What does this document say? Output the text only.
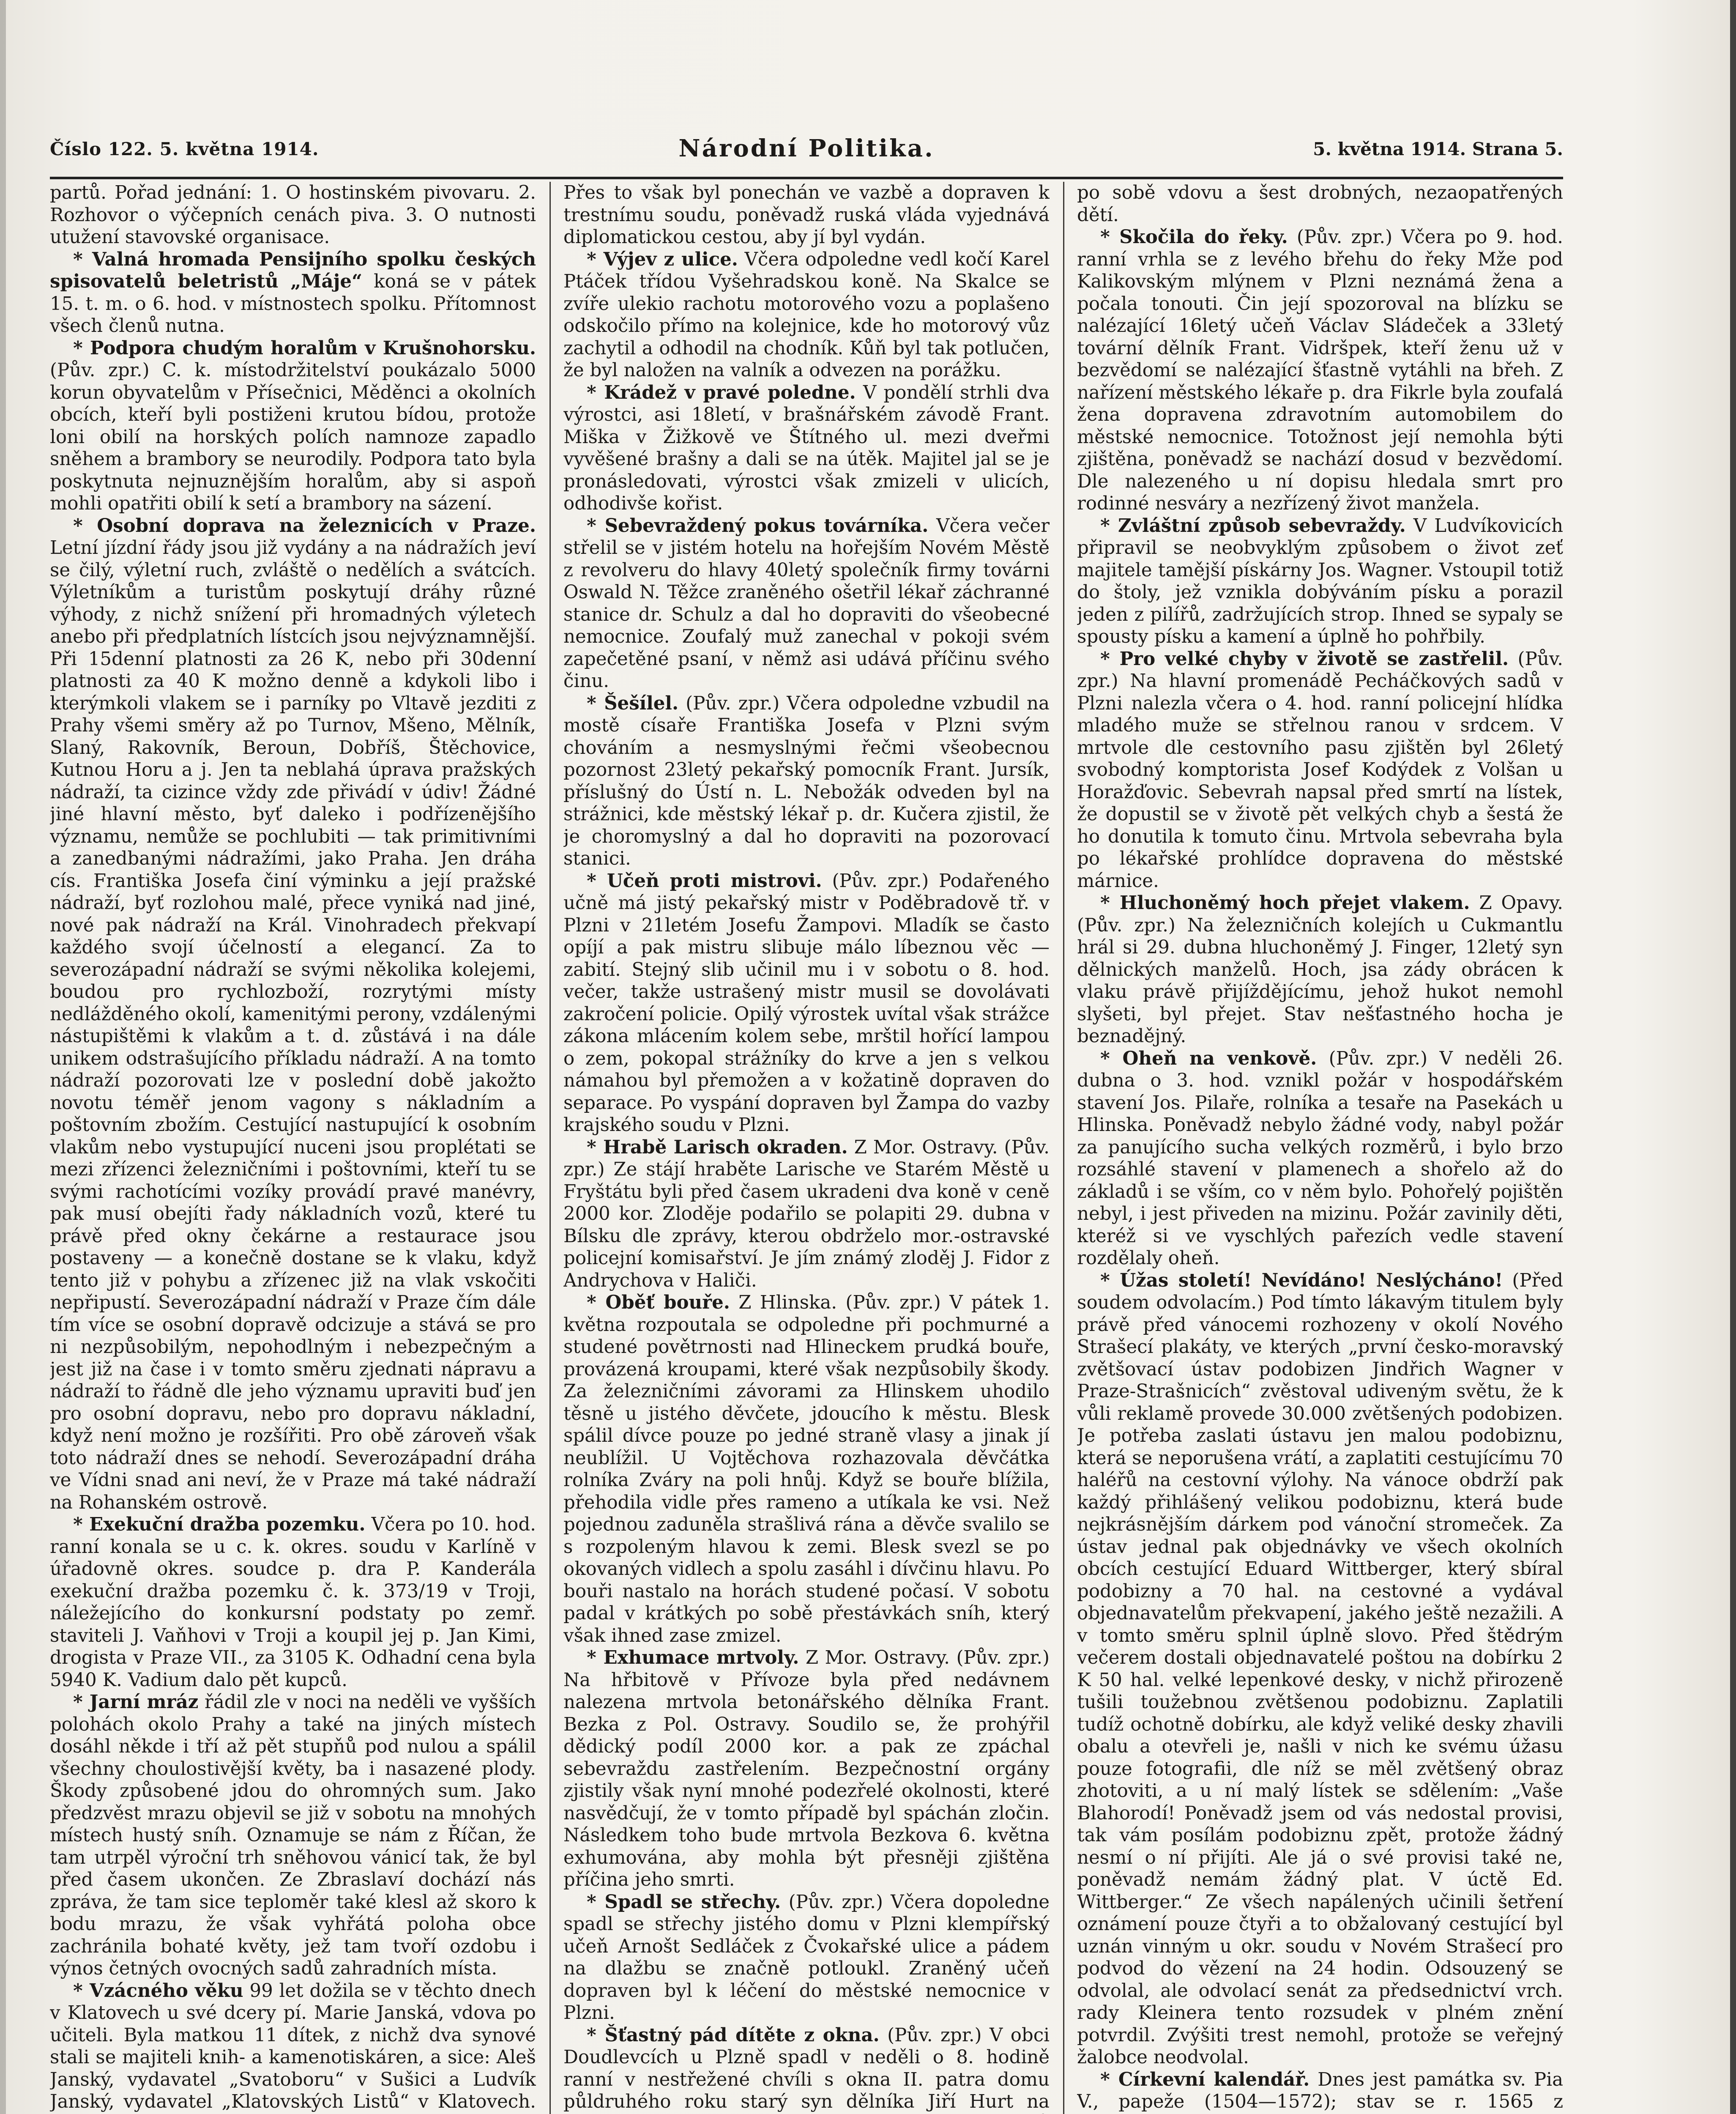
Číslo 122. 5. května 1914.	Národní Politika.	5. května 1914. Strana 5.

partů. Pořad jednání: 1. O hostinském pivovaru. 2. Rozhovor o výčepních cenách piva. 3. O nutnosti utužení stavovské organisace.

* Valná hromada Pensijního spolku českých spisovatelů beletristů „Máje“ koná se v pátek 15. t. m. o 6. hod. v místnostech spolku. Přítomnost všech členů nutna.

* Podpora chudým horalům v Krušnohorsku. (Pův. zpr.) C. k. místodržitelství poukázalo 5000 korun obyvatelům v Přísečnici, Měděnci a okolních obcích, kteří byli postiženi krutou bídou, protože loni obilí na horských polích namnoze zapadlo sněhem a brambory se neurodily. Podpora tato byla poskytnuta nejnuznějším horalům, aby si aspoň mohli opatřiti obilí k setí a brambory na sázení.

* Osobní doprava na železnicích v Praze. Letní jízdní řády jsou již vydány a na nádražích jeví se čilý, výletní ruch, zvláště o nedělích a svátcích. Výletníkům a turistům poskytují dráhy různé výhody, z nichž snížení při hromadných výletech anebo při předplatních lístcích jsou nejvýznamnější. Při 15denní platnosti za 26 K, nebo při 30denní platnosti za 40 K možno denně a kdykoli libo i kterýmkoli vlakem se i parníky po Vltavě jezditi z Prahy všemi směry až po Turnov, Mšeno, Mělník, Slaný, Rakovník, Beroun, Dobříš, Štěchovice, Kutnou Horu a j. Jen ta neblahá úprava pražských nádraží, ta cizince vždy zde přivádí v údiv! Žádné jiné hlavní město, byť daleko i podřízenějšího významu, nemůže se pochlubiti — tak primitivními a zanedbanými nádražími, jako Praha. Jen dráha cís. Františka Josefa činí výminku a její pražské nádraží, byť rozlohou malé, přece vyniká nad jiné, nové pak nádraží na Král. Vinohradech překvapí každého svojí účelností a elegancí. Za to severozápadní nádraží se svými několika kolejemi, boudou pro rychlozboží, rozrytými místy nedlážděného okolí, kamenitými perony, vzdálenými nástupištěmi k vlakům a t. d. zůstává i na dále unikem odstrašujícího příkladu nádraží. A na tomto nádraží pozorovati lze v poslední době jakožto novotu téměř jenom vagony s nákladním a poštovním zbožím. Cestující nastupující k osobním vlakům nebo vystupující nuceni jsou proplétati se mezi zřízenci železničními i poštovními, kteří tu se svými rachotícími vozíky provádí pravé manévry, pak musí obejíti řady nákladních vozů, které tu právě před okny čekárne a restaurace jsou postaveny — a konečně dostane se k vlaku, když tento již v pohybu a zřízenec již na vlak vskočiti nepřipustí. Severozápadní nádraží v Praze čím dále tím více se osobní dopravě odcizuje a stává se pro ni nezpůsobilým, nepohodlným i nebezpečným a jest již na čase i v tomto směru zjednati nápravu a nádraží to řádně dle jeho významu upraviti buď jen pro osobní dopravu, nebo pro dopravu nákladní, když není možno je rozšířiti. Pro obě zároveň však toto nádraží dnes se nehodí. Severozápadní dráha ve Vídni snad ani neví, že v Praze má také nádraží na Rohanském ostrově.

* Exekuční dražba pozemku. Včera po 10. hod. ranní konala se u c. k. okres. soudu v Karlíně v úřadovně okres. soudce p. dra P. Kanderála exekuční dražba pozemku č. k. 373/19 v Troji, náležejícího do konkursní podstaty po zemř. staviteli J. Vaňhovi v Troji a koupil jej p. Jan Kimi, drogista v Praze VII., za 3105 K. Odhadní cena byla 5940 K. Vadium dalo pět kupců.

* Jarní mráz řádil zle v noci na neděli ve vyšších polohách okolo Prahy a také na jiných místech dosáhl někde i tří až pět stupňů pod nulou a spálil všechny choulostivější květy, ba i nasazené plody. Škody způsobené jdou do ohromných sum. Jako předzvěst mrazu objevil se již v sobotu na mnohých místech hustý sníh. Oznamuje se nám z Říčan, že tam utrpěl výroční trh sněhovou vánicí tak, že byl před časem ukončen. Ze Zbraslaví dochází nás zpráva, že tam sice teploměr také klesl až skoro k bodu mrazu, že však vyhřátá poloha obce zachránila bohaté květy, jež tam tvoří ozdobu i výnos četných ovocných sadů zahradních místa.

* Vzácného věku 99 let dožila se v těchto dnech v Klatovech u své dcery pí. Marie Janská, vdova po učiteli. Byla matkou 11 dítek, z nichž dva synové stali se majiteli knih- a kamenotiskáren, a sice: Aleš Janský, vydavatel „Svatoboru“ v Sušici a Ludvík Janský, vydavatel „Klatovských Listů“ v Klatovech.

Přes to však byl ponechán ve vazbě a dopraven k trestnímu soudu, poněvadž ruská vláda vyjednává diplomatickou cestou, aby jí byl vydán.

* Výjev z ulice. Včera odpoledne vedl kočí Karel Ptáček třídou Vyšehradskou koně. Na Skalce se zvíře ulekio rachotu motorového vozu a poplašeno odskočilo přímo na kolejnice, kde ho motorový vůz zachytil a odhodil na chodník. Kůň byl tak potlučen, že byl naložen na valník a odvezen na porážku.

* Krádež v pravé poledne. V pondělí strhli dva výrostci, asi 18letí, v brašnářském závodě Frant. Miška v Žižkově ve Štítného ul. mezi dveřmi vyvěšené brašny a dali se na útěk. Majitel jal se je pronásledovati, výrostci však zmizeli v ulicích, odhodivše kořist.

* Sebevraždený pokus továrníka. Včera večer střelil se v jistém hotelu na hořejším Novém Městě z revolveru do hlavy 40letý společník firmy továrni Oswald N. Těžce zraněného ošetřil lékař záchranné stanice dr. Schulz a dal ho dopraviti do všeobecné nemocnice. Zoufalý muž zanechal v pokoji svém zapečetěné psaní, v němž asi udává příčinu svého činu.

* Šešílel. (Pův. zpr.) Včera odpoledne vzbudil na mostě císaře Františka Josefa v Plzni svým chováním a nesmyslnými řečmi všeobecnou pozornost 23letý pekařský pomocník Frant. Jursík, příslušný do Ústí n. L. Nebožák odveden byl na strážnici, kde městský lékař p. dr. Kučera zjistil, že je choromyslný a dal ho dopraviti na pozorovací stanici.

* Učeň proti mistrovi. (Pův. zpr.) Podařeného učně má jistý pekařský mistr v Poděbradově tř. v Plzni v 21letém Josefu Žampovi. Mladík se často opíjí a pak mistru slibuje málo líbeznou věc — zabití. Stejný slib učinil mu i v sobotu o 8. hod. večer, takže ustrašený mistr musil se dovolávati zakročení policie. Opilý výrostek uvítal však strážce zákona mlácením kolem sebe, mrštil hořící lampou o zem, pokopal strážníky do krve a jen s velkou námahou byl přemožen a v kožatině dopraven do separace. Po vyspání dopraven byl Žampa do vazby krajského soudu v Plzni.

* Hrabě Larisch okraden. Z Mor. Ostravy. (Pův. zpr.) Ze stájí hraběte Larische ve Starém Městě u Fryštátu byli před časem ukradeni dva koně v ceně 2000 kor. Zloděje podařilo se polapiti 29. dubna v Bílsku dle zprávy, kterou obdrželo mor.-ostravské policejní komisařství. Je jím známý zloděj J. Fidor z Andrychova v Haliči.

* Oběť bouře. Z Hlinska. (Pův. zpr.) V pátek 1. května rozpoutala se odpoledne při pochmurné a studené povětrnosti nad Hlineckem prudká bouře, provázená kroupami, které však nezpůsobily škody. Za železničními závorami za Hlinskem uhodilo těsně u jistého děvčete, jdoucího k městu. Blesk spálil dívce pouze po jedné straně vlasy a jinak jí neublížil. U Vojtěchova rozhazovala děvčátka rolníka Zváry na poli hnůj. Když se bouře blížila, přehodila vidle přes rameno a utíkala ke vsi. Než pojednou zaduněla strašlivá rána a děvče svalilo se s rozpoleným hlavou k zemi. Blesk svezl se po okovaných vidlech a spolu zasáhl i dívčinu hlavu. Po bouři nastalo na horách studené počasí. V sobotu padal v krátkých po sobě přestávkách sníh, který však ihned zase zmizel.

* Exhumace mrtvoly. Z Mor. Ostravy. (Pův. zpr.) Na hřbitově v Přívoze byla před nedávnem nalezena mrtvola betonářského dělníka Frant. Bezka z Pol. Ostravy. Soudilo se, že prohýřil dědický podíl 2000 kor. a pak ze zpáchal sebevraždu zastřelením. Bezpečnostní orgány zjistily však nyní mnohé podezřelé okolnosti, které nasvědčují, že v tomto případě byl spáchán zločin. Následkem toho bude mrtvola Bezkova 6. května exhumována, aby mohla být přesněji zjištěna příčina jeho smrti.

* Spadl se střechy. (Pův. zpr.) Včera dopoledne spadl se střechy jistého domu v Plzni klempířský učeň Arnošt Sedláček z Čvokařské ulice a pádem na dlažbu se značně potloukl. Zraněný učeň dopraven byl k léčení do městské nemocnice v Plzni.

* Šťastný pád dítěte z okna. (Pův. zpr.) V obci Doudlevcích u Plzně spadl v neděli o 8. hodině ranní v nestřežené chvíli s okna II. patra domu půldruhého roku starý syn dělníka Jiří Hurt na

po sobě vdovu a šest drobných, nezaopatřených dětí.

* Skočila do řeky. (Pův. zpr.) Včera po 9. hod. ranní vrhla se z levého břehu do řeky Mže pod Kalikovským mlýnem v Plzni neznámá žena a počala tonouti. Čin její spozoroval na blízku se nalézající 16letý učeň Václav Sládeček a 33letý tovární dělník Frant. Vidršpek, kteří ženu už v bezvědomí se nalézající šťastně vytáhli na břeh. Z nařízení městského lékaře p. dra Fikrle byla zoufalá žena dopravena zdravotním automobilem do městské nemocnice. Totožnost její nemohla býti zjištěna, poněvadž se nachází dosud v bezvědomí. Dle nalezeného u ní dopisu hledala smrt pro rodinné nesváry a nezřízený život manžela.

* Zvláštní způsob sebevraždy. V Ludvíkovicích připravil se neobvyklým způsobem o život zeť majitele tamější pískárny Jos. Wagner. Vstoupil totiž do štoly, jež vznikla dobýváním písku a porazil jeden z pilířů, zadržujících strop. Ihned se sypaly se spousty písku a kamení a úplně ho pohřbily.

* Pro velké chyby v životě se zastřelil. (Pův. zpr.) Na hlavní promenádě Pecháčkových sadů v Plzni nalezla včera o 4. hod. ranní policejní hlídka mladého muže se střelnou ranou v srdcem. V mrtvole dle cestovního pasu zjištěn byl 26letý svobodný komptorista Josef Kodýdek z Volšan u Horažďovic. Sebevrah napsal před smrtí na lístek, že dopustil se v životě pět velkých chyb a šestá že ho donutila k tomuto činu. Mrtvola sebevraha byla po lékařské prohlídce dopravena do městské márnice.

* Hluchoněmý hoch přejet vlakem. Z Opavy. (Pův. zpr.) Na železničních kolejích u Cukmantlu hrál si 29. dubna hluchoněmý J. Finger, 12letý syn dělnických manželů. Hoch, jsa zády obrácen k vlaku právě přijíždějícímu, jehož hukot nemohl slyšeti, byl přejet. Stav nešťastného hocha je beznadějný.

* Oheň na venkově. (Pův. zpr.) V neděli 26. dubna o 3. hod. vznikl požár v hospodářském stavení Jos. Pilaře, rolníka a tesaře na Pasekách u Hlinska. Poněvadž nebylo žádné vody, nabyl požár za panujícího sucha velkých rozměrů, i bylo brzo rozsáhlé stavení v plamenech a shořelo až do základů i se vším, co v něm bylo. Pohořelý pojištěn nebyl, i jest přiveden na mizinu. Požár zavinily děti, kteréž si ve vyschlých pařezích vedle stavení rozdělaly oheň.

* Úžas století! Nevídáno! Neslýcháno! (Před soudem odvolacím.) Pod tímto lákavým titulem byly právě před vánocemi rozhozeny v okolí Nového Strašecí plakáty, ve kterých „první česko-moravský zvětšovací ústav podobizen Jindřich Wagner v Praze-Strašnicích“ zvěstoval udiveným světu, že k vůli reklamě provede 30.000 zvětšených podobizen. Je potřeba zaslati ústavu jen malou podobiznu, která se neporušena vrátí, a zaplatiti cestujícímu 70 haléřů na cestovní výlohy. Na vánoce obdrží pak každý přihlášený velikou podobiznu, která bude nejkrásnějším dárkem pod vánoční stromeček. Za ústav jednal pak objednávky ve všech okolních obcích cestující Eduard Wittberger, který sbíral podobizny a 70 hal. na cestovné a vydával objednavatelům překvapení, jakého ještě nezažili. A v tomto směru splnil úplně slovo. Před štědrým večerem dostali objednavatelé poštou na dobírku 2 K 50 hal. velké lepenkové desky, v nichž přirozeně tušili toužebnou zvětšenou podobiznu. Zaplatili tudíž ochotně dobírku, ale když veliké desky zhavili obalu a otevřeli je, našli v nich ke svému úžasu pouze fotografii, dle níž se měl zvětšený obraz zhotoviti, a u ní malý lístek se sdělením: „Vaše Blahorodí! Poněvadž jsem od vás nedostal provisi, tak vám posílám podobiznu zpět, protože žádný nesmí o ní přijíti. Ale já o své provisi také ne, poněvadž nemám žádný plat. V úctě Ed. Wittberger.“ Ze všech napálených učinili šetření oznámení pouze čtyři a to obžalovaný cestující byl uznán vinným u okr. soudu v Novém Strašecí pro podvod do vězení na 24 hodin. Odsouzený se odvolal, ale odvolací senát za předsednictví vrch. rady Kleinera tento rozsudek v plném znění potvrdil. Zvýšiti trest nemohl, protože se veřejný žalobce neodvolal.

* Církevní kalendář. Dnes jest památka sv. Pia V., papeže (1504—1572); stav se r. 1565 z
